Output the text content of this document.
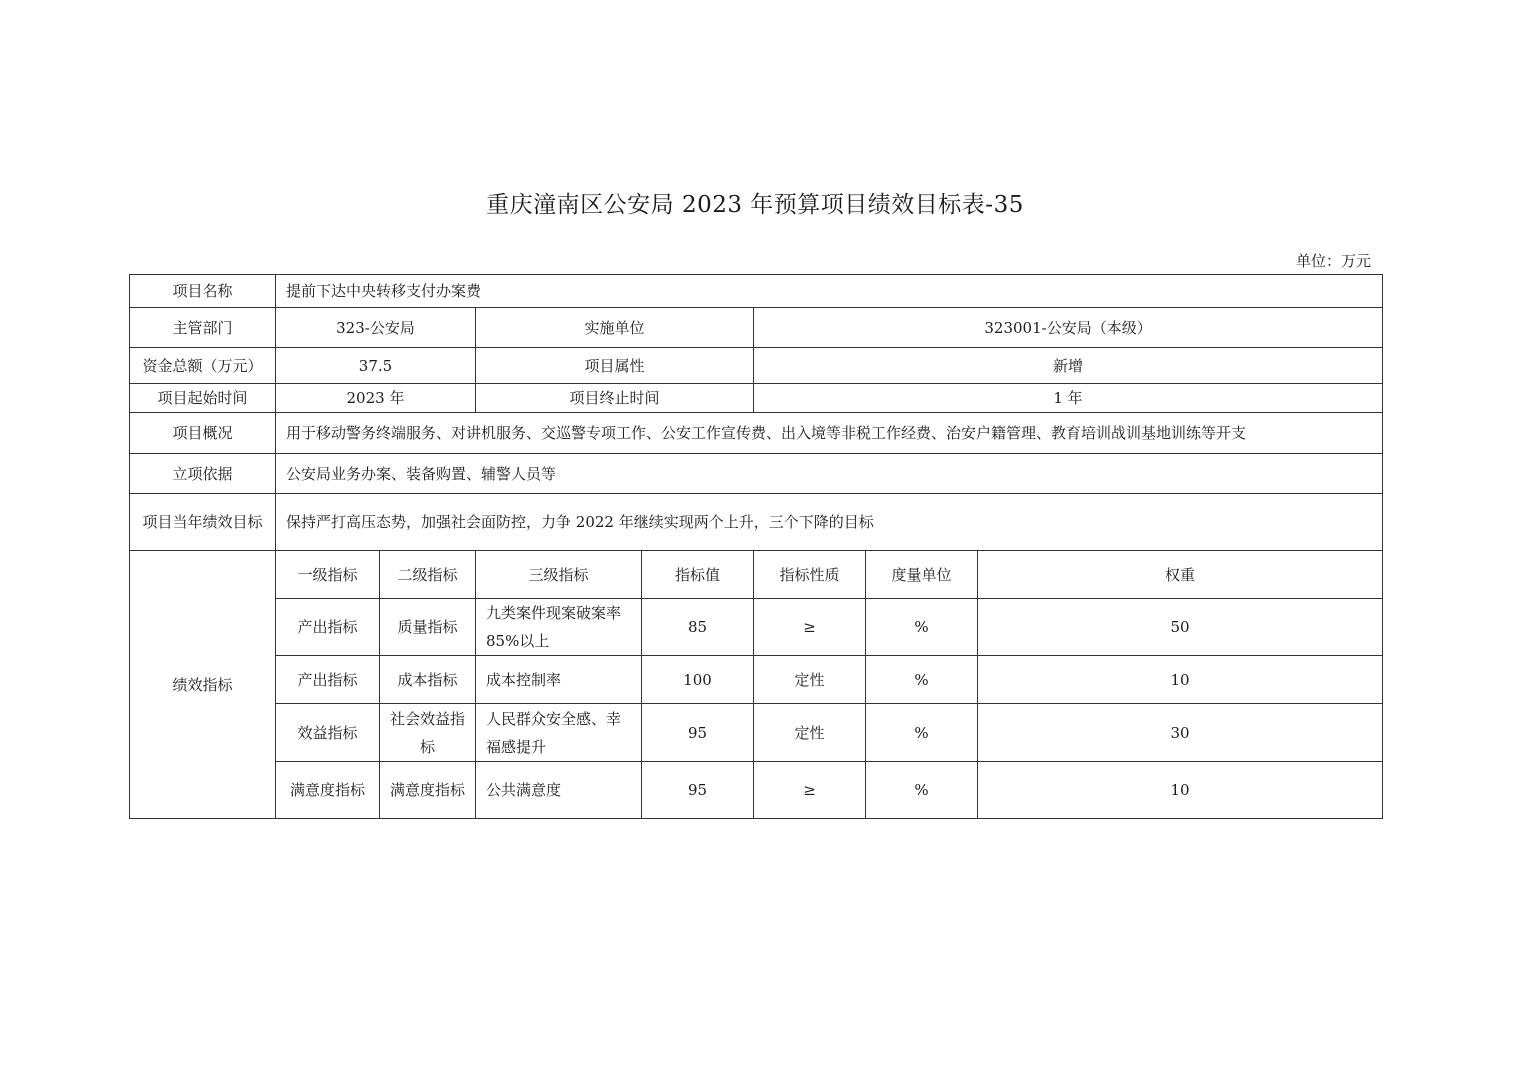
重庆潼南区公安局 2023 年预算项目绩效目标表-35
单位：万元
项目名称	提前下达中央转移支付办案费						
主管部门	323-公安局		实施单位		323001-公安局（本级）		
资金总额（万元）	37.5		项目属性		新增		
项目起始时间	2023 年		项目终止时间		1 年		
项目概况	用于移动警务终端服务、对讲机服务、交巡警专项工作、公安工作宣传费、出入境等非税工作经费、治安户籍管理、教育培训战训基地训练等开支						
立项依据	公安局业务办案、装备购置、辅警人员等						
项目当年绩效目标	保持严打高压态势，加强社会面防控，力争 2022 年继续实现两个上升，三个下降的目标						
绩效指标	一级指标	二级指标	三级指标	指标值	指标性质	度量单位	权重
	产出指标	质量指标	九类案件现案破案率85%以上	85	≥	%	50
	产出指标	成本指标	成本控制率	100	定性	%	10
	效益指标	社会效益指标	人民群众安全感、幸福感提升	95	定性	%	30
	满意度指标	满意度指标	公共满意度	95	≥	%	10
